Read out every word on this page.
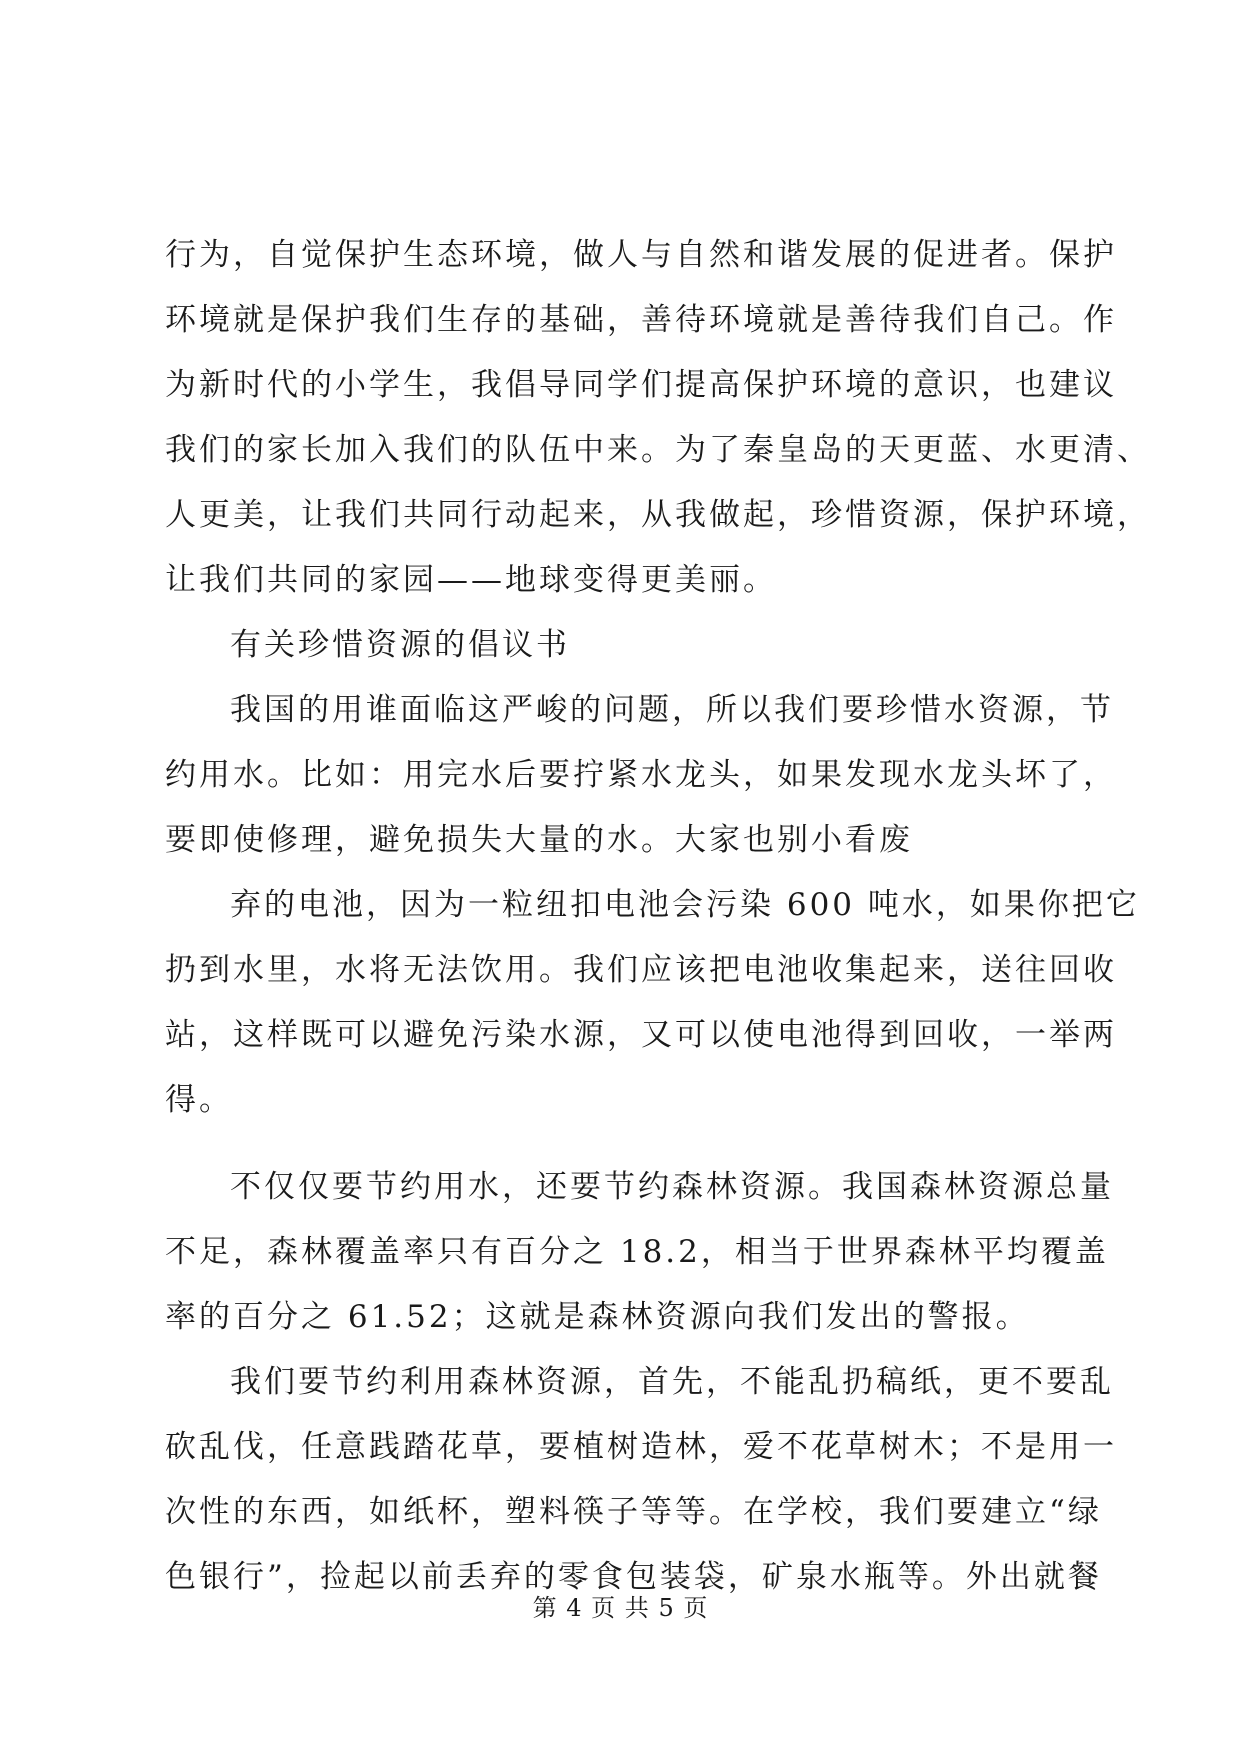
行为，自觉保护生态环境，做人与自然和谐发展的促进者。保护
环境就是保护我们生存的基础，善待环境就是善待我们自己。作
为新时代的小学生，我倡导同学们提高保护环境的意识，也建议
我们的家长加入我们的队伍中来。为了秦皇岛的天更蓝、水更清、
人更美，让我们共同行动起来，从我做起，珍惜资源，保护环境，
让我们共同的家园——地球变得更美丽。
有关珍惜资源的倡议书
我国的用谁面临这严峻的问题，所以我们要珍惜水资源，节
约用水。比如：用完水后要拧紧水龙头，如果发现水龙头坏了，
要即使修理，避免损失大量的水。大家也别小看废
弃的电池，因为一粒纽扣电池会污染 600 吨水，如果你把它
扔到水里，水将无法饮用。我们应该把电池收集起来，送往回收
站，这样既可以避免污染水源，又可以使电池得到回收，一举两
得。
不仅仅要节约用水，还要节约森林资源。我国森林资源总量
不足，森林覆盖率只有百分之 18.2，相当于世界森林平均覆盖
率的百分之 61.52；这就是森林资源向我们发出的警报。
我们要节约利用森林资源，首先，不能乱扔稿纸，更不要乱
砍乱伐，任意践踏花草，要植树造林，爱不花草树木；不是用一
次性的东西，如纸杯，塑料筷子等等。在学校，我们要建立“绿
色银行”，捡起以前丢弃的零食包装袋，矿泉水瓶等。外出就餐
第 4 页 共 5 页
